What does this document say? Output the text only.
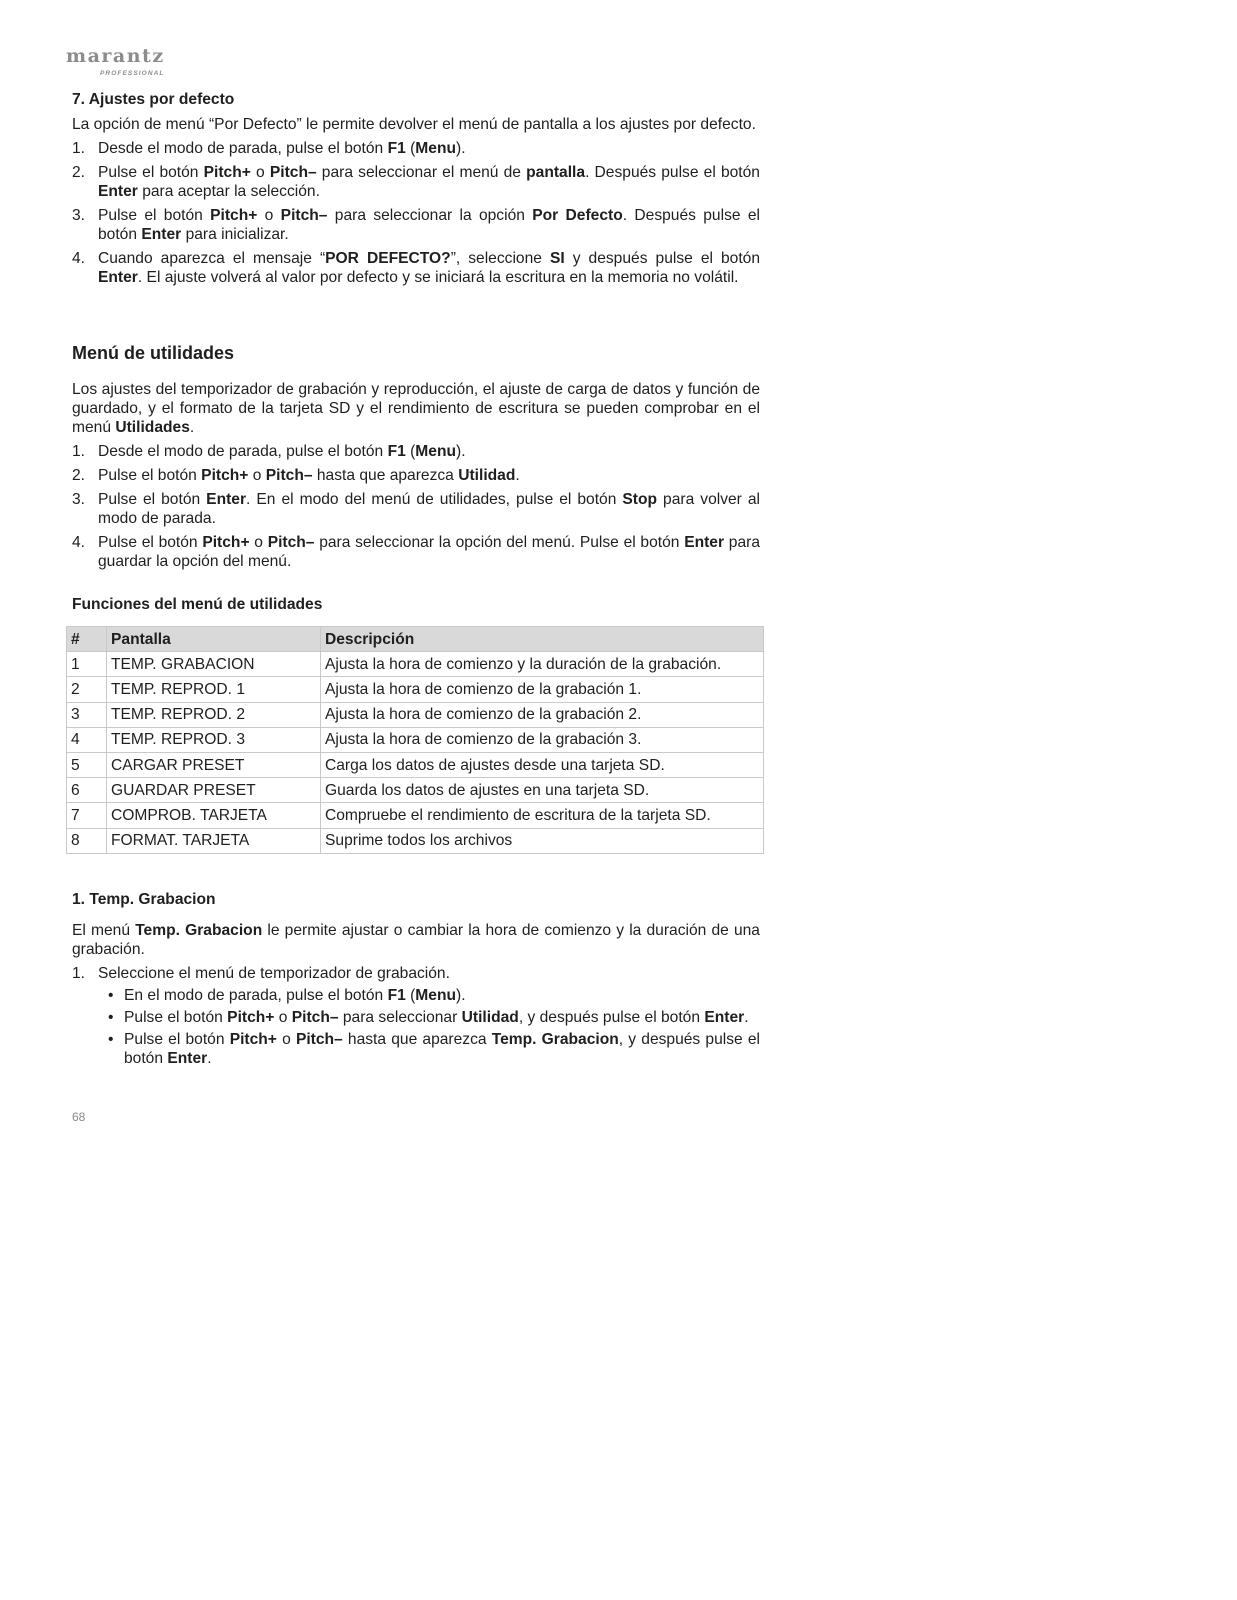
marantz
PROFESSIONAL
7. Ajustes por defecto

La opción de menú “Por Defecto” le permite devolver el menú de pantalla a los ajustes por defecto.

1. Desde el modo de parada, pulse el botón F1 (Menu).
2. Pulse el botón Pitch+ o Pitch– para seleccionar el menú de pantalla. Después pulse el botón Enter para aceptar la selección.
3. Pulse el botón Pitch+ o Pitch– para seleccionar la opción Por Defecto. Después pulse el botón Enter para inicializar.
4. Cuando aparezca el mensaje “POR DEFECTO?”, seleccione SI y después pulse el botón Enter. El ajuste volverá al valor por defecto y se iniciará la escritura en la memoria no volátil.
Menú de utilidades

Los ajustes del temporizador de grabación y reproducción, el ajuste de carga de datos y función de guardado, y el formato de la tarjeta SD y el rendimiento de escritura se pueden comprobar en el menú Utilidades.

1. Desde el modo de parada, pulse el botón F1 (Menu).
2. Pulse el botón Pitch+ o Pitch– hasta que aparezca Utilidad.
3. Pulse el botón Enter. En el modo del menú de utilidades, pulse el botón Stop para volver al modo de parada.
4. Pulse el botón Pitch+ o Pitch– para seleccionar la opción del menú. Pulse el botón Enter para guardar la opción del menú.
Funciones del menú de utilidades
#	Pantalla	Descripción
1	TEMP. GRABACION	Ajusta la hora de comienzo y la duración de la grabación.
2	TEMP. REPROD. 1	Ajusta la hora de comienzo de la grabación 1.
3	TEMP. REPROD. 2	Ajusta la hora de comienzo de la grabación 2.
4	TEMP. REPROD. 3	Ajusta la hora de comienzo de la grabación 3.
5	CARGAR PRESET	Carga los datos de ajustes desde una tarjeta SD.
6	GUARDAR PRESET	Guarda los datos de ajustes en una tarjeta SD.
7	COMPROB. TARJETA	Compruebe el rendimiento de escritura de la tarjeta SD.
8	FORMAT. TARJETA	Suprime todos los archivos
1. Temp. Grabacion

El menú Temp. Grabacion le permite ajustar o cambiar la hora de comienzo y la duración de una grabación.

1. Seleccione el menú de temporizador de grabación.
• En el modo de parada, pulse el botón F1 (Menu).
• Pulse el botón Pitch+ o Pitch– para seleccionar Utilidad, y después pulse el botón Enter.
• Pulse el botón Pitch+ o Pitch– hasta que aparezca Temp. Grabacion, y después pulse el botón Enter.
68
